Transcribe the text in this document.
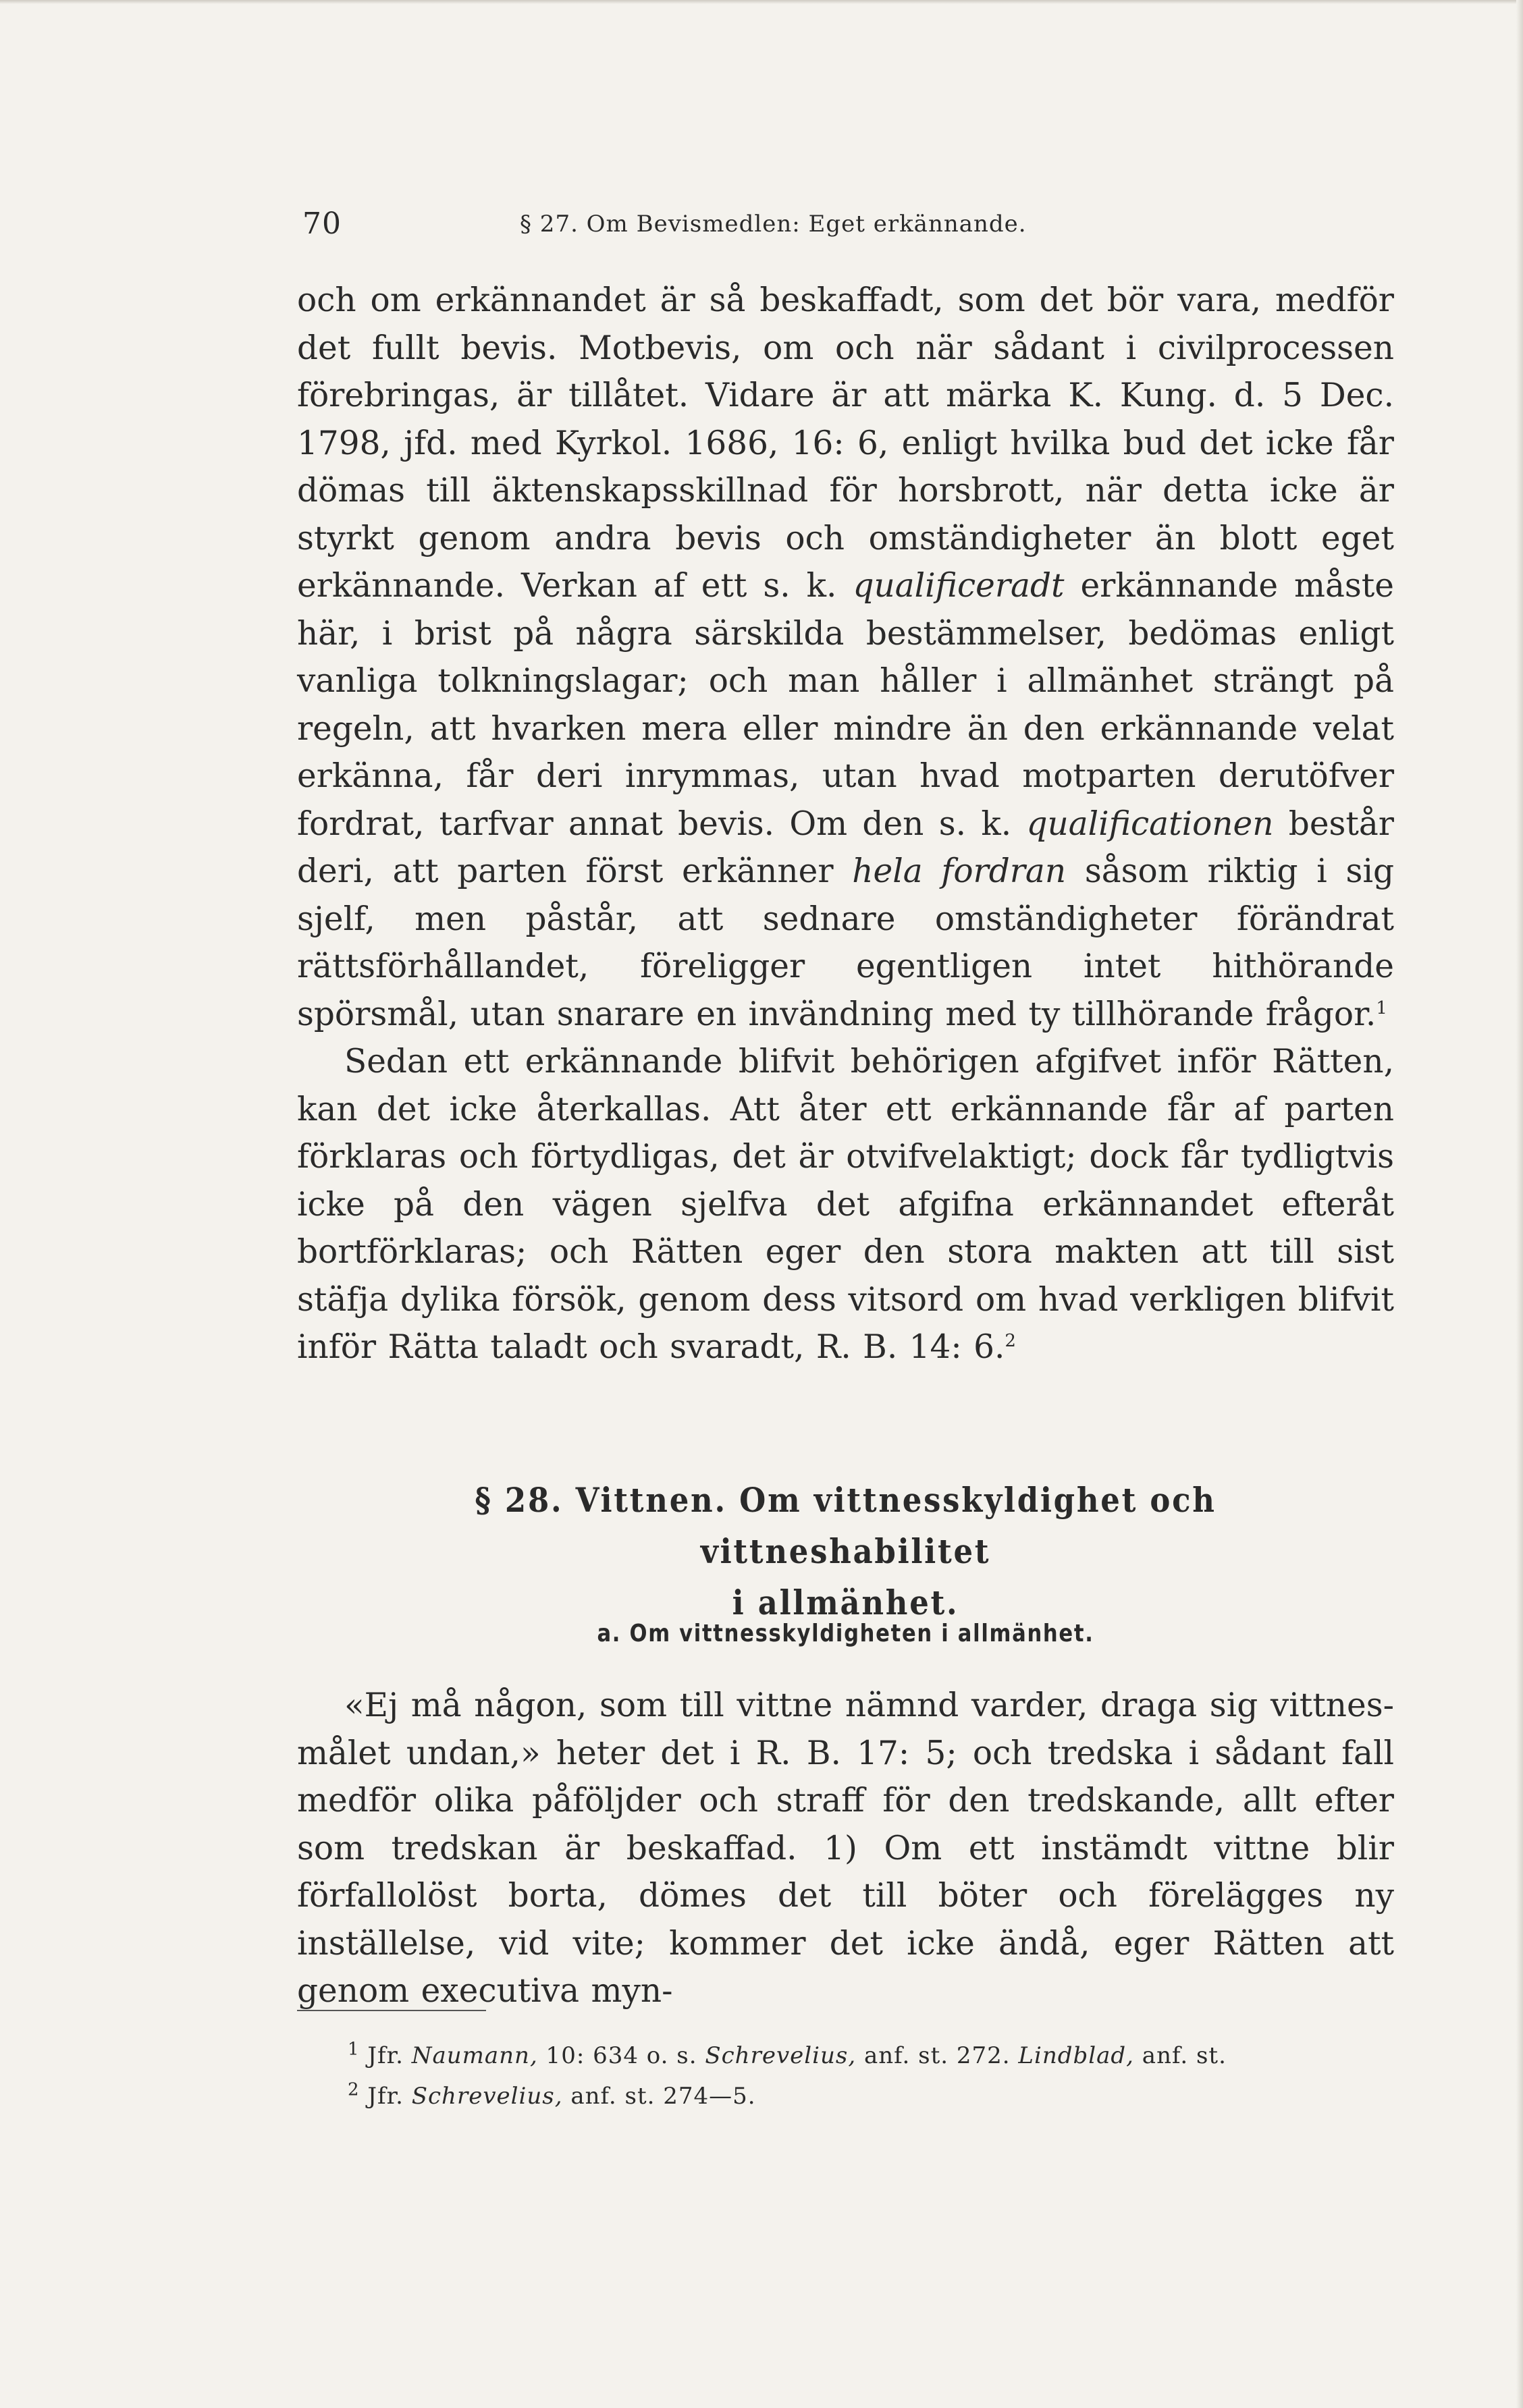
70	§ 27. Om Bevismedlen: Eget erkännande.

och om erkännandet är så beskaffadt, som det bör vara, medför det fullt bevis. Motbevis, om och när sådant i civilprocessen förebringas, är tillåtet. Vidare är att märka K. Kung. d. 5 Dec. 1798, jfd. med Kyrkol. 1686, 16: 6, enligt hvilka bud det icke får dömas till äktenskapsskillnad för horsbrott, när detta icke är styrkt genom andra bevis och omständigheter än blott eget erkännande. Verkan af ett s. k. qualificeradt erkännande måste här, i brist på några särskilda bestämmelser, bedömas enligt vanliga tolkningslagar; och man håller i allmänhet strängt på regeln, att hvarken mera eller mindre än den erkännande velat erkänna, får deri inrymmas, utan hvad motparten derutöfver fordrat, tarfvar annat bevis. Om den s. k. qualificationen består deri, att parten först erkänner hela fordran såsom riktig i sig sjelf, men påstår, att sednare omständigheter förändrat rättsförhållandet, föreligger egentligen intet hithörande spörsmål, utan snarare en invändning med ty tillhörande frågor.$^1$

Sedan ett erkännande blifvit behörigen afgifvet inför Rätten, kan det icke återkallas. Att åter ett erkännande får af parten förklaras och förtydligas, det är otvifvelaktigt; dock får tydligtvis icke på den vägen sjelfva det afgifna erkännandet efteråt bortförklaras; och Rätten eger den stora makten att till sist stäfja dylika försök, genom dess vitsord om hvad verkligen blifvit inför Rätta taladt och svaradt, R. B. 14: 6.$^2$

§ 28. Vittnen. Om vittnesskyldighet och vittneshabilitet
i allmänhet.
a. Om vittnesskyldigheten i allmänhet.

«Ej må någon, som till vittne nämnd varder, draga sig vittnesmålet undan,» heter det i R. B. 17: 5; och tredska i sådant fall medför olika påföljder och straff för den tredskande, allt efter som tredskan är beskaffad. 1) Om ett instämdt vittne blir förfallolöst borta, dömes det till böter och förelägges ny inställelse, vid vite; kommer det icke ändå, eger Rätten att genom executiva myn-

$^1$ Jfr. Naumann, 10: 634 o. s. Schrevelius, anf. st. 272. Lindblad, anf. st.

$^2$ Jfr. Schrevelius, anf. st. 274—5.
